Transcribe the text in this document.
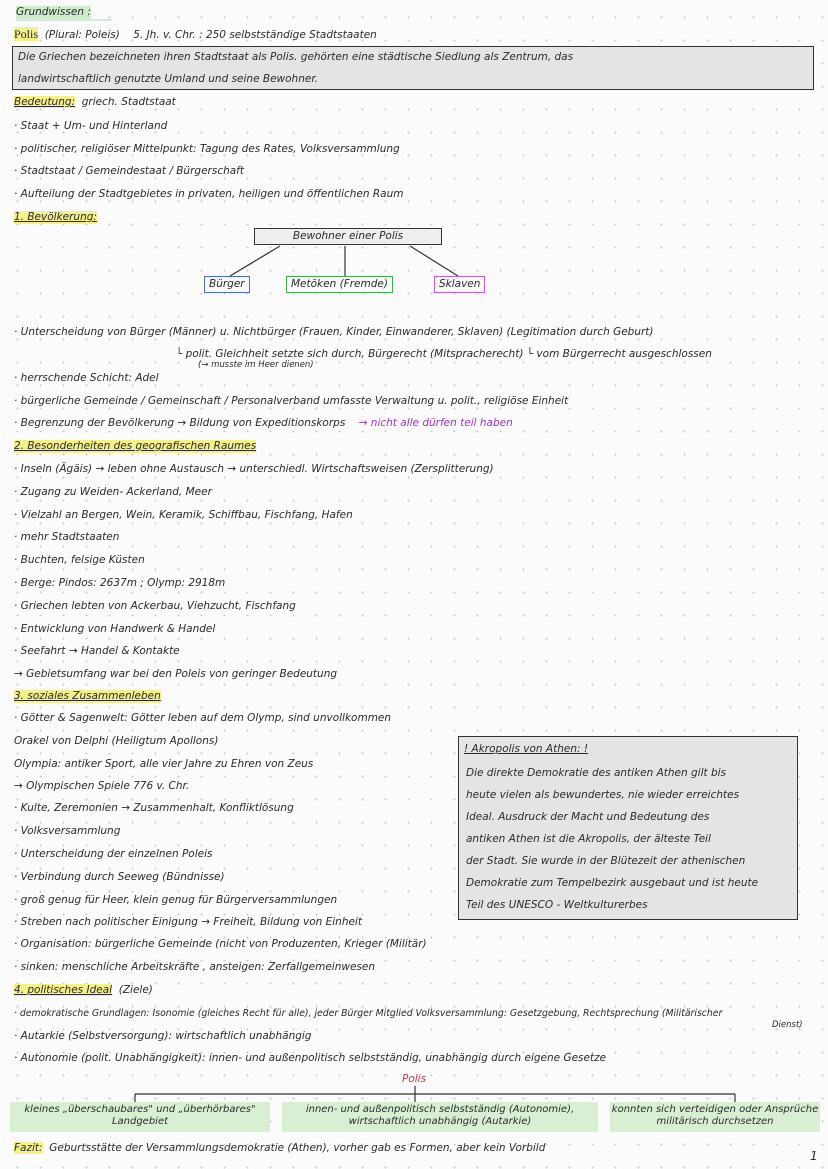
Grundwissen :
Polis (Plural: Poleis) 5. Jh. v. Chr. : 250 selbstständige Stadtstaaten
Die Griechen bezeichneten ihren Stadtstaat als Polis. gehörten eine städtische Siedlung als Zentrum, das
landwirtschaftlich genutzte Umland und seine Bewohner.
Bedeutung: griech. Stadtstaat
· Staat + Um- und Hinterland
· politischer, religiöser Mittelpunkt: Tagung des Rates, Volksversammlung
· Stadtstaat / Gemeindestaat / Bürgerschaft
· Aufteilung der Stadtgebietes in privaten, heiligen und öffentlichen Raum
1. Bevölkerung:
Bewohner einer Polis
Bürger	Metöken (Fremde)	Sklaven
· Unterscheidung von Bürger (Männer) u. Nichtbürger (Frauen, Kinder, Einwanderer, Sklaven) (Legitimation durch Geburt)
└ polit. Gleichheit setzte sich durch, Bürgerecht (Mitspracherecht) └ vom Bürgerrecht ausgeschlossen
(→ musste im Heer dienen)
· herrschende Schicht: Adel
· bürgerliche Gemeinde / Gemeinschaft / Personalverband umfasste Verwaltung u. polit., religiöse Einheit
· Begrenzung der Bevölkerung → Bildung von Expeditionskorps → nicht alle dürfen teil haben
2. Besonderheiten des geografischen Raumes
· Inseln (Ägäis) → leben ohne Austausch → unterschiedl. Wirtschaftsweisen (Zersplitterung)
· Zugang zu Weiden- Ackerland, Meer
· Vielzahl an Bergen, Wein, Keramik, Schiffbau, Fischfang, Hafen
· mehr Stadtstaaten
· Buchten, felsige Küsten
· Berge: Pindos: 2637m ; Olymp: 2918m
· Griechen lebten von Ackerbau, Viehzucht, Fischfang
· Entwicklung von Handwerk & Handel
· Seefahrt → Handel & Kontakte
→ Gebietsumfang war bei den Poleis von geringer Bedeutung
3. soziales Zusammenleben
· Götter & Sagenwelt: Götter leben auf dem Olymp, sind unvollkommen
Orakel von Delphi (Heiligtum Apollons)
Olympia: antiker Sport, alle vier Jahre zu Ehren von Zeus
→ Olympischen Spiele 776 v. Chr.
· Kulte, Zeremonien → Zusammenhalt, Konfliktlösung
· Volksversammlung
· Unterscheidung der einzelnen Poleis
· Verbindung durch Seeweg (Bündnisse)
· groß genug für Heer, klein genug für Bürgerversammlungen
· Streben nach politischer Einigung → Freiheit, Bildung von Einheit
· Organisation: bürgerliche Gemeinde (nicht von Produzenten, Krieger (Militär)
· sinken: menschliche Arbeitskräfte , ansteigen: Zerfallgemeinwesen
! Akropolis von Athen: !
Die direkte Demokratie des antiken Athen gilt bis
heute vielen als bewundertes, nie wieder erreichtes
Ideal. Ausdruck der Macht und Bedeutung des
antiken Athen ist die Akropolis, der älteste Teil
der Stadt. Sie wurde in der Blütezeit der athenischen
Demokratie zum Tempelbezirk ausgebaut und ist heute
Teil des UNESCO - Weltkulturerbes
4. politisches Ideal (Ziele)
· demokratische Grundlagen: Isonomie (gleiches Recht für alle), jeder Bürger Mitglied Volksversammlung: Gesetzgebung, Rechtsprechung (Militärischer
Dienst)
· Autarkie (Selbstversorgung): wirtschaftlich unabhängig
· Autonomie (polit. Unabhängigkeit): innen- und außenpolitisch selbstständig, unabhängig durch eigene Gesetze
Polis
kleines „überschaubares" und „überhörbares" Landgebiet
innen- und außenpolitisch selbstständig (Autonomie), wirtschaftlich unabhängig (Autarkie)
konnten sich verteidigen oder Ansprüche militärisch durchsetzen
Fazit: Geburtsstätte der Versammlungsdemokratie (Athen), vorher gab es Formen, aber kein Vorbild
1
